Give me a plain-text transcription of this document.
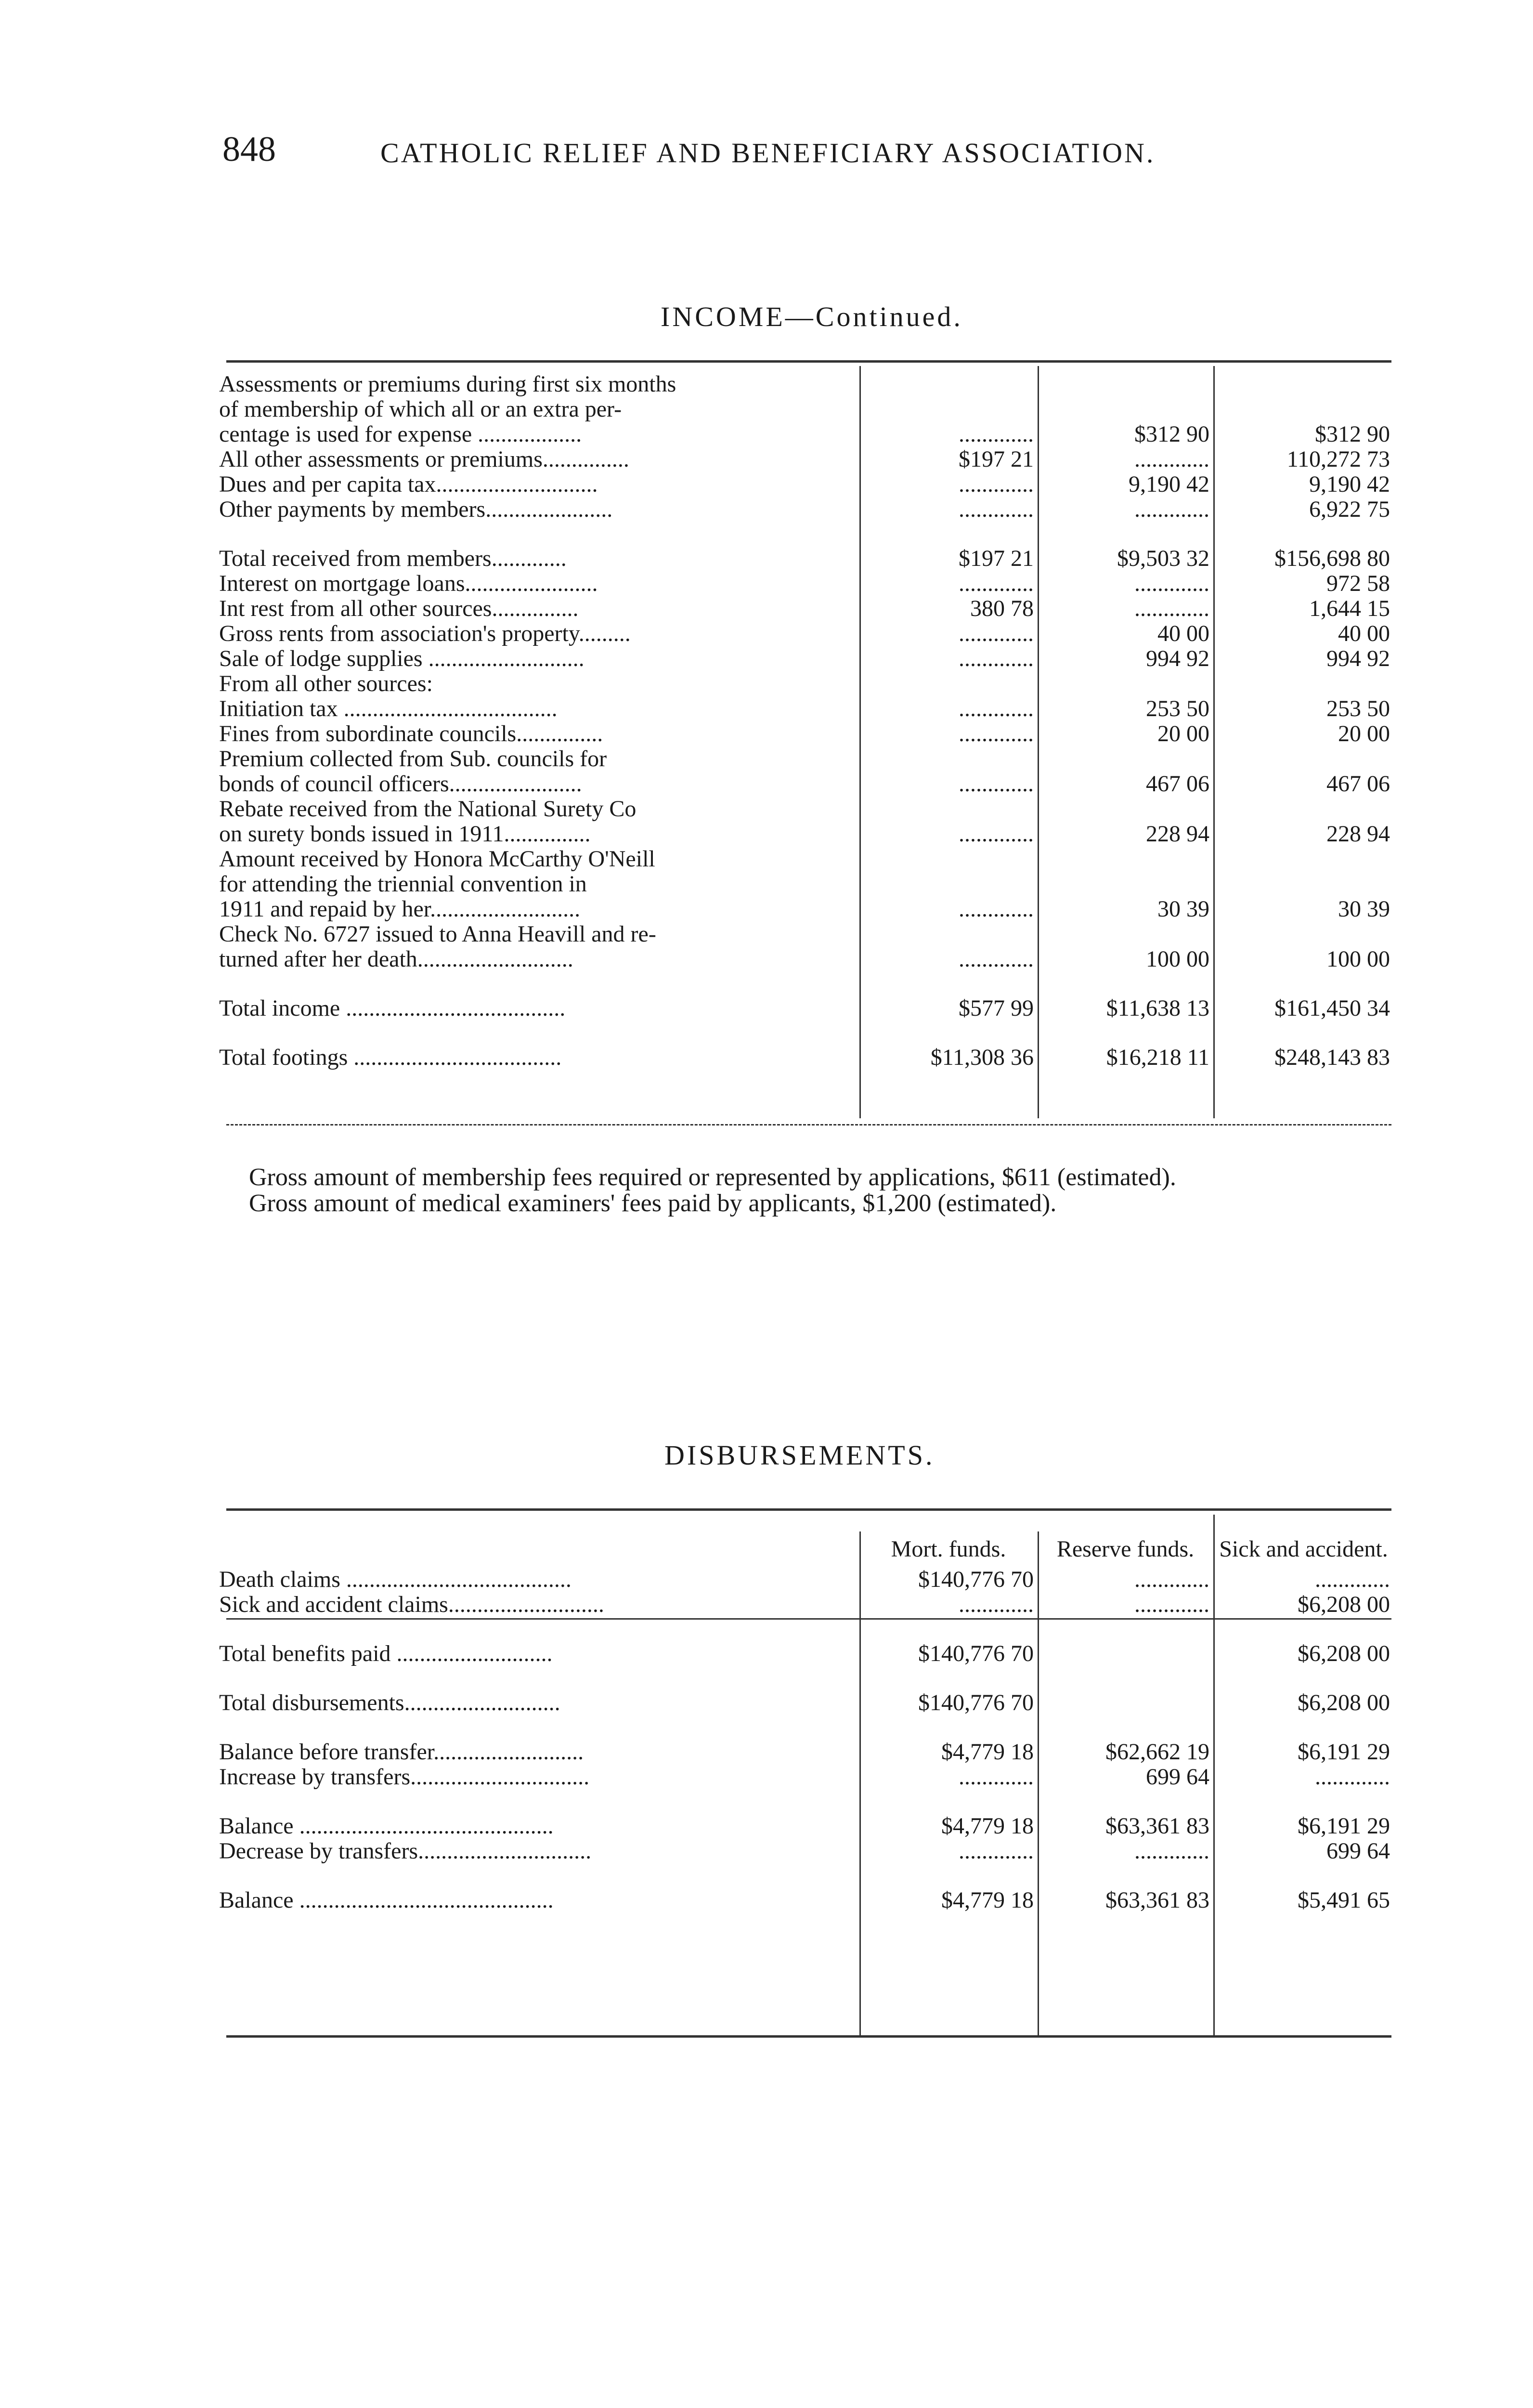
848	CATHOLIC RELIEF AND BENEFICIARY ASSOCIATION.
INCOME—Continued.
Assessments or premiums during first six months			
of membership of which all or an extra per-			
centage is used for expense ..................	.............	$312 90	$312 90
All other assessments or premiums...............	$197 21	.............	110,272 73
Dues and per capita tax............................	.............	9,190 42	9,190 42
Other payments by members......................	.............	.............	6,922 75

Total received from members.............	$197 21	$9,503 32	$156,698 80
Interest on mortgage loans.......................	.............	.............	972 58
Int rest from all other sources...............	380 78	.............	1,644 15
Gross rents from association's property.........	.............	40 00	40 00
Sale of lodge supplies ...........................	.............	994 92	994 92
From all other sources:			
Initiation tax .....................................	.............	253 50	253 50
Fines from subordinate councils...............	.............	20 00	20 00
Premium collected from Sub. councils for			
bonds of council officers.......................	.............	467 06	467 06
Rebate received from the National Surety Co			
on surety bonds issued in 1911...............	.............	228 94	228 94
Amount received by Honora McCarthy O'Neill			
for attending the triennial convention in			
1911 and repaid by her..........................	.............	30 39	30 39
Check No. 6727 issued to Anna Heavill and re-			
turned after her death...........................	.............	100 00	100 00

Total income ......................................	$577 99	$11,638 13	$161,450 34

Total footings ....................................	$11,308 36	$16,218 11	$248,143 83

Gross amount of membership fees required or represented by applications, $611 (estimated).

Gross amount of medical examiners' fees paid by applicants, $1,200 (estimated).

DISBURSEMENTS.
	Mort. funds.	Reserve funds.	Sick and accident.
Death claims .......................................	$140,776 70	.............	.............
Sick and accident claims...........................	.............	.............	$6,208 00

Total benefits paid ...........................	$140,776 70		$6,208 00

Total disbursements...........................	$140,776 70		$6,208 00

Balance before transfer..........................	$4,779 18	$62,662 19	$6,191 29
Increase by transfers...............................	.............	699 64	.............

Balance ............................................	$4,779 18	$63,361 83	$6,191 29
Decrease by transfers..............................	.............	.............	699 64

Balance ............................................	$4,779 18	$63,361 83	$5,491 65
